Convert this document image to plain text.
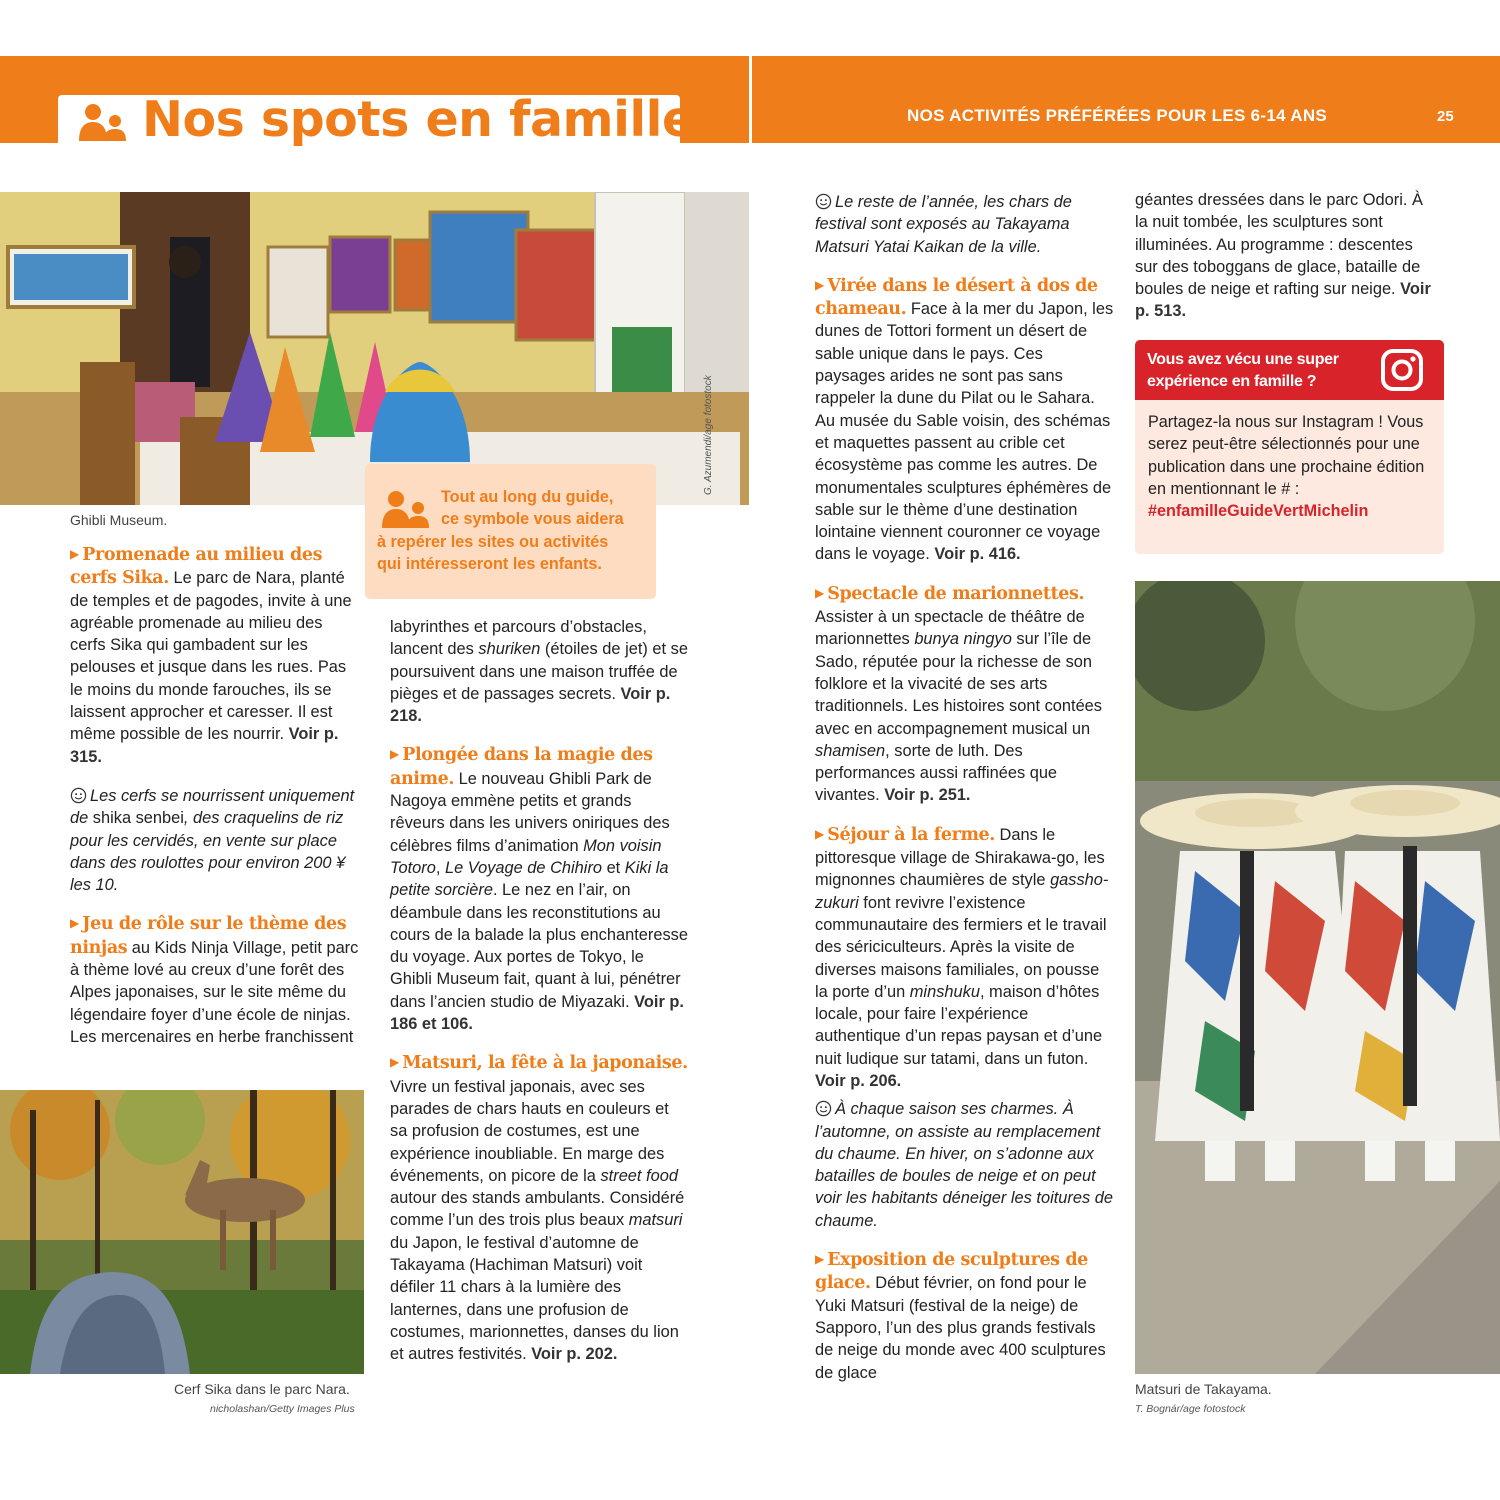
Nos spots en famille	NOS ACTIVITÉS PRÉFÉRÉES POUR LES 6-14 ANS	25
G. Azumendi/age fotostock
Ghibli Museum.
Tout au long du guide,
ce symbole vous aidera
à repérer les sites ou activités
qui intéresseront les enfants.

▶ Promenade au milieu des cerfs Sika. Le parc de Nara, planté de temples et de pagodes, invite à une agréable promenade au milieu des cerfs Sika qui gambadent sur les pelouses et jusque dans les rues. Pas le moins du monde farouches, ils se laissent approcher et caresser. Il est même possible de les nourrir. Voir p. 315.

Les cerfs se nourrissent uniquement de shika senbei, des craquelins de riz pour les cervidés, en vente sur place dans des roulottes pour environ 200 ¥ les 10.

▶ Jeu de rôle sur le thème des ninjas au Kids Ninja Village, petit parc à thème lové au creux d’une forêt des Alpes japonaises, sur le site même du légendaire foyer d’une école de ninjas. Les mercenaires en herbe franchissent

Cerf Sika dans le parc Nara.
nicholashan/Getty Images Plus

labyrinthes et parcours d’obstacles, lancent des shuriken (étoiles de jet) et se poursuivent dans une maison truffée de pièges et de passages secrets. Voir p. 218.

▶ Plongée dans la magie des anime. Le nouveau Ghibli Park de Nagoya emmène petits et grands rêveurs dans les univers oniriques des célèbres films d’animation Mon voisin Totoro, Le Voyage de Chihiro et Kiki la petite sorcière. Le nez en l’air, on déambule dans les reconstitutions au cours de la balade la plus enchanteresse du voyage. Aux portes de Tokyo, le Ghibli Museum fait, quant à lui, pénétrer dans l’ancien studio de Miyazaki. Voir p. 186 et 106.

▶ Matsuri, la fête à la japonaise. Vivre un festival japonais, avec ses parades de chars hauts en couleurs et sa profusion de costumes, est une expérience inoubliable. En marge des événements, on picore de la street food autour des stands ambulants. Considéré comme l’un des trois plus beaux matsuri du Japon, le festival d’automne de Takayama (Hachiman Matsuri) voit défiler 11 chars à la lumière des lanternes, dans une profusion de costumes, marionnettes, danses du lion et autres festivités. Voir p. 202.

Le reste de l’année, les chars de festival sont exposés au Takayama Matsuri Yatai Kaikan de la ville.

▶ Virée dans le désert à dos de chameau. Face à la mer du Japon, les dunes de Tottori forment un désert de sable unique dans le pays. Ces paysages arides ne sont pas sans rappeler la dune du Pilat ou le Sahara. Au musée du Sable voisin, des schémas et maquettes passent au crible cet écosystème pas comme les autres. De monumentales sculptures éphémères de sable sur le thème d’une destination lointaine viennent couronner ce voyage dans le voyage. Voir p. 416.

▶ Spectacle de marionnettes. Assister à un spectacle de théâtre de marionnettes bunya ningyo sur l’île de Sado, réputée pour la richesse de son folklore et la vivacité de ses arts traditionnels. Les histoires sont contées avec en accompagnement musical un shamisen, sorte de luth. Des performances aussi raffinées que vivantes. Voir p. 251.

▶ Séjour à la ferme. Dans le pittoresque village de Shirakawa-go, les mignonnes chaumières de style gassho-zukuri font revivre l’existence communautaire des fermiers et le travail des sériciculteurs. Après la visite de diverses maisons familiales, on pousse la porte d’un minshuku, maison d’hôtes locale, pour faire l’expérience authentique d’un repas paysan et d’une nuit ludique sur tatami, dans un futon. Voir p. 206.

À chaque saison ses charmes. À l’automne, on assiste au remplacement du chaume. En hiver, on s’adonne aux batailles de boules de neige et on peut voir les habitants déneiger les toitures de chaume.

▶ Exposition de sculptures de glace. Début février, on fond pour le Yuki Matsuri (festival de la neige) de Sapporo, l’un des plus grands festivals de neige du monde avec 400 sculptures de glace

géantes dressées dans le parc Odori. À la nuit tombée, les sculptures sont illuminées. Au programme : descentes sur des toboggans de glace, bataille de boules de neige et rafting sur neige. Voir p. 513.

Vous avez vécu une super expérience en famille ?
Partagez-la nous sur Instagram ! Vous serez peut-être sélectionnés pour une publication dans une prochaine édition en mentionnant le # : #enfamilleGuideVertMichelin
Matsuri de Takayama.
T. Bognár/age fotostock
